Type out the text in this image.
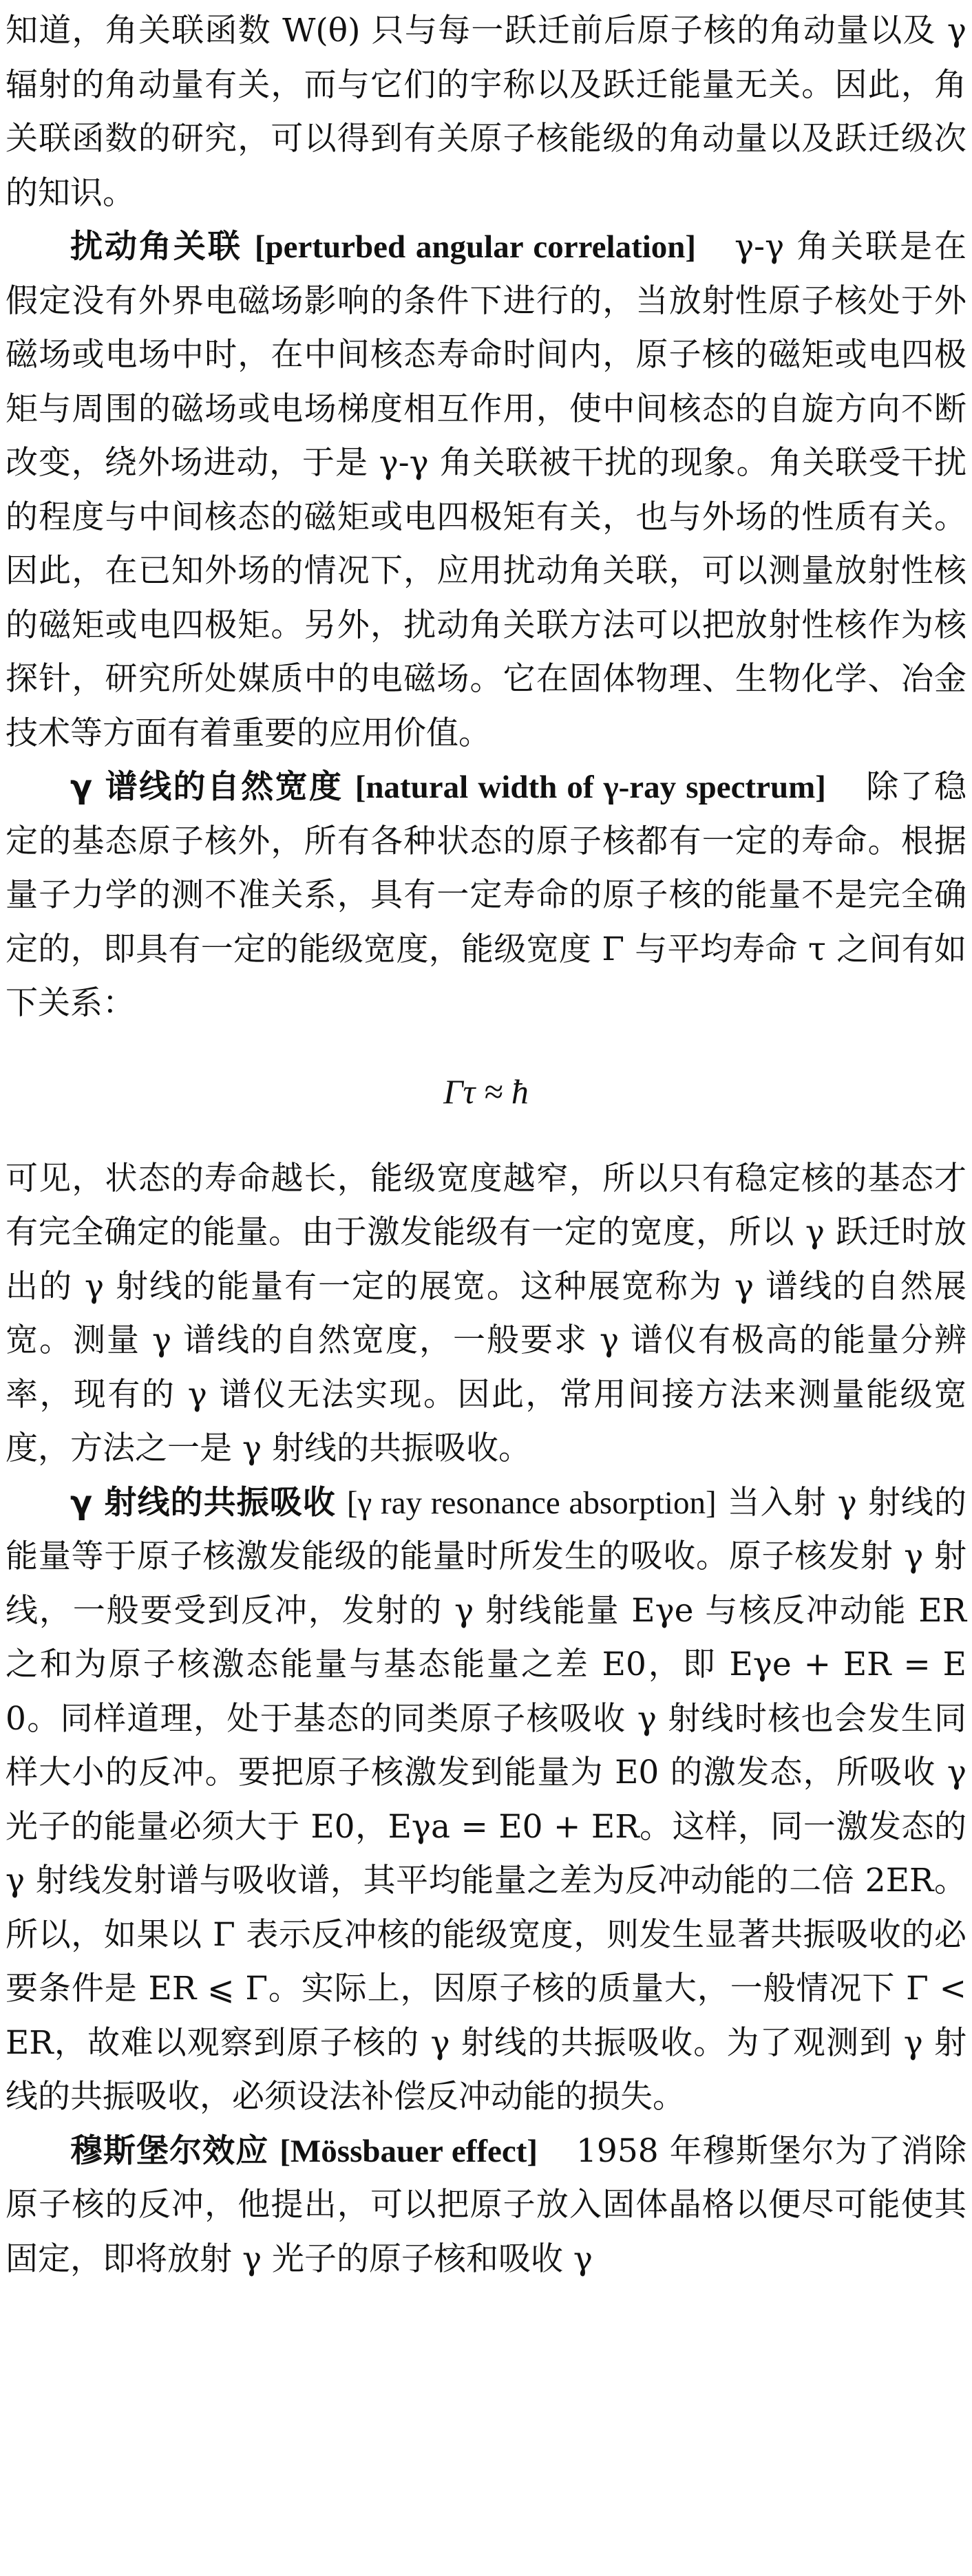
知道，角关联函数 W(θ) 只与每一跃迁前后原子核的角动量以及 γ 辐射的角动量有关，而与它们的宇称以及跃迁能量无关。因此，角关联函数的研究，可以得到有关原子核能级的角动量以及跃迁级次的知识。

扰动角关联 [perturbed angular correlation] γ-γ 角关联是在假定没有外界电磁场影响的条件下进行的，当放射性原子核处于外磁场或电场中时，在中间核态寿命时间内，原子核的磁矩或电四极矩与周围的磁场或电场梯度相互作用，使中间核态的自旋方向不断改变，绕外场进动，于是 γ-γ 角关联被干扰的现象。角关联受干扰的程度与中间核态的磁矩或电四极矩有关，也与外场的性质有关。因此，在已知外场的情况下，应用扰动角关联，可以测量放射性核的磁矩或电四极矩。另外，扰动角关联方法可以把放射性核作为核探针，研究所处媒质中的电磁场。它在固体物理、生物化学、冶金技术等方面有着重要的应用价值。

γ 谱线的自然宽度 [natural width of γ-ray spectrum] 除了稳定的基态原子核外，所有各种状态的原子核都有一定的寿命。根据量子力学的测不准关系，具有一定寿命的原子核的能量不是完全确定的，即具有一定的能级宽度，能级宽度 Γ 与平均寿命 τ 之间有如下关系：

Γτ ≈ ħ

可见，状态的寿命越长，能级宽度越窄，所以只有稳定核的基态才有完全确定的能量。由于激发能级有一定的宽度，所以 γ 跃迁时放出的 γ 射线的能量有一定的展宽。这种展宽称为 γ 谱线的自然展宽。测量 γ 谱线的自然宽度，一般要求 γ 谱仪有极高的能量分辨率，现有的 γ 谱仪无法实现。因此，常用间接方法来测量能级宽度，方法之一是 γ 射线的共振吸收。

γ 射线的共振吸收 [γ ray resonance absorption] 当入射 γ 射线的能量等于原子核激发能级的能量时所发生的吸收。原子核发射 γ 射线，一般要受到反冲，发射的 γ 射线能量 Eγe 与核反冲动能 ER 之和为原子核激态能量与基态能量之差 E0，即 Eγe + ER = E0。同样道理，处于基态的同类原子核吸收 γ 射线时核也会发生同样大小的反冲。要把原子核激发到能量为 E0 的激发态，所吸收 γ 光子的能量必须大于 E0，Eγa = E0 + ER。这样，同一激发态的 γ 射线发射谱与吸收谱，其平均能量之差为反冲动能的二倍 2ER。所以，如果以 Γ 表示反冲核的能级宽度，则发生显著共振吸收的必要条件是 ER ⩽ Γ。实际上，因原子核的质量大，一般情况下 Γ < ER，故难以观察到原子核的 γ 射线的共振吸收。为了观测到 γ 射线的共振吸收，必须设法补偿反冲动能的损失。

穆斯堡尔效应 [Mössbauer effect] 1958 年穆斯堡尔为了消除原子核的反冲，他提出，可以把原子放入固体晶格以便尽可能使其固定，即将放射 γ 光子的原子核和吸收 γ
